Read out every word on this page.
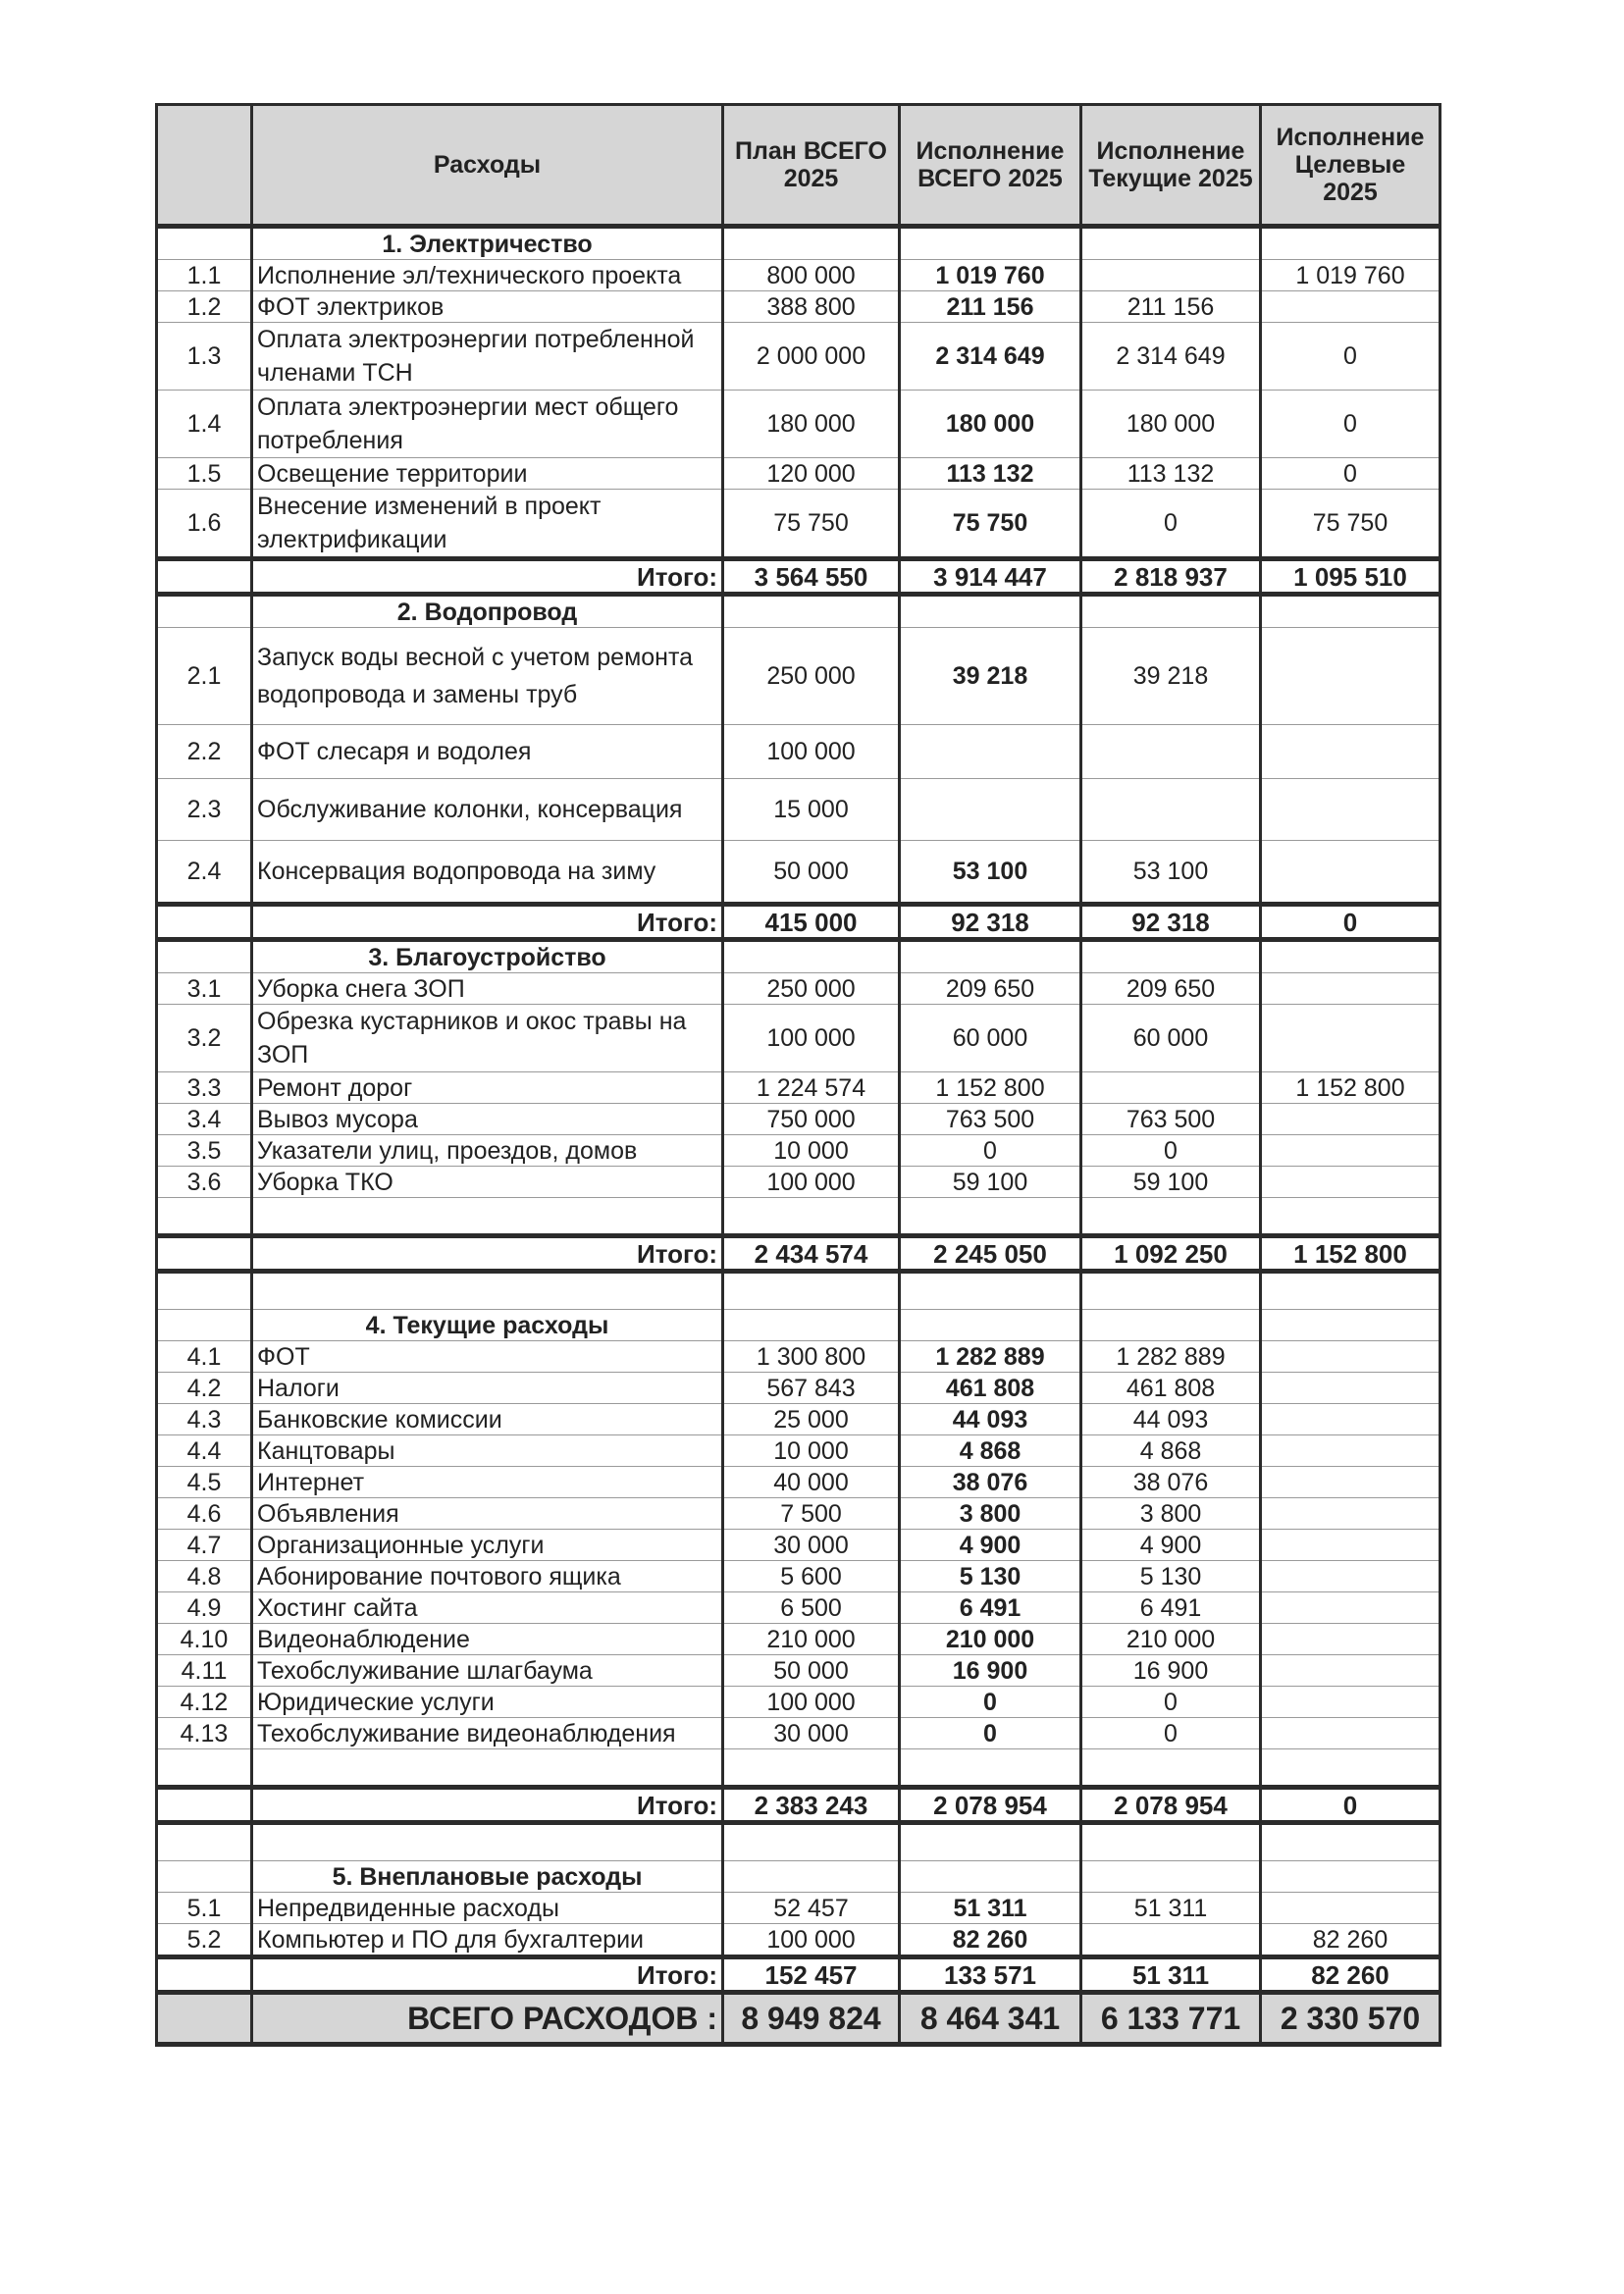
	Расходы	План ВСЕГО 2025	Исполнение ВСЕГО 2025	Исполнение Текущие 2025	Исполнение Целевые 2025
	1. Электричество				
1.1	Исполнение эл/технического проекта	800 000	1 019 760		1 019 760
1.2	ФОТ электриков	388 800	211 156	211 156	
1.3	Оплата электроэнергии потребленной членами ТСН	2 000 000	2 314 649	2 314 649	0
1.4	Оплата электроэнергии мест общего потребления	180 000	180 000	180 000	0
1.5	Освещение территории	120 000	113 132	113 132	0
1.6	Внесение изменений в проект электрификации	75 750	75 750	0	75 750
	Итого:	3 564 550	3 914 447	2 818 937	1 095 510
	2. Водопровод				
2.1	Запуск воды весной с учетом ремонта водопровода и замены труб	250 000	39 218	39 218	
2.2	ФОТ слесаря и водолея	100 000			
2.3	Обслуживание колонки, консервация	15 000			
2.4	Консервация водопровода на зиму	50 000	53 100	53 100	
	Итого:	415 000	92 318	92 318	0
	3. Благоустройство				
3.1	Уборка снега ЗОП	250 000	209 650	209 650	
3.2	Обрезка кустарников и окос травы на ЗОП	100 000	60 000	60 000	
3.3	Ремонт дорог	1 224 574	1 152 800		1 152 800
3.4	Вывоз мусора	750 000	763 500	763 500	
3.5	Указатели улиц, проездов, домов	10 000	0	0	
3.6	Уборка ТКО	100 000	59 100	59 100	

	Итого:	2 434 574	2 245 050	1 092 250	1 152 800

	4. Текущие расходы				
4.1	ФОТ	1 300 800	1 282 889	1 282 889	
4.2	Налоги	567 843	461 808	461 808	
4.3	Банковские комиссии	25 000	44 093	44 093	
4.4	Канцтовары	10 000	4 868	4 868	
4.5	Интернет	40 000	38 076	38 076	
4.6	Объявления	7 500	3 800	3 800	
4.7	Организационные услуги	30 000	4 900	4 900	
4.8	Абонирование почтового ящика	5 600	5 130	5 130	
4.9	Хостинг сайта	6 500	6 491	6 491	
4.10	Видеонаблюдение	210 000	210 000	210 000	
4.11	Техобслуживание шлагбаума	50 000	16 900	16 900	
4.12	Юридические услуги	100 000	0	0	
4.13	Техобслуживание видеонаблюдения	30 000	0	0	

	Итого:	2 383 243	2 078 954	2 078 954	0

	5. Внеплановые расходы				
5.1	Непредвиденные расходы	52 457	51 311	51 311	
5.2	Компьютер и ПО для бухгалтерии	100 000	82 260		82 260
	Итого:	152 457	133 571	51 311	82 260
	ВСЕГО РАСХОДОВ :	8 949 824	8 464 341	6 133 771	2 330 570
